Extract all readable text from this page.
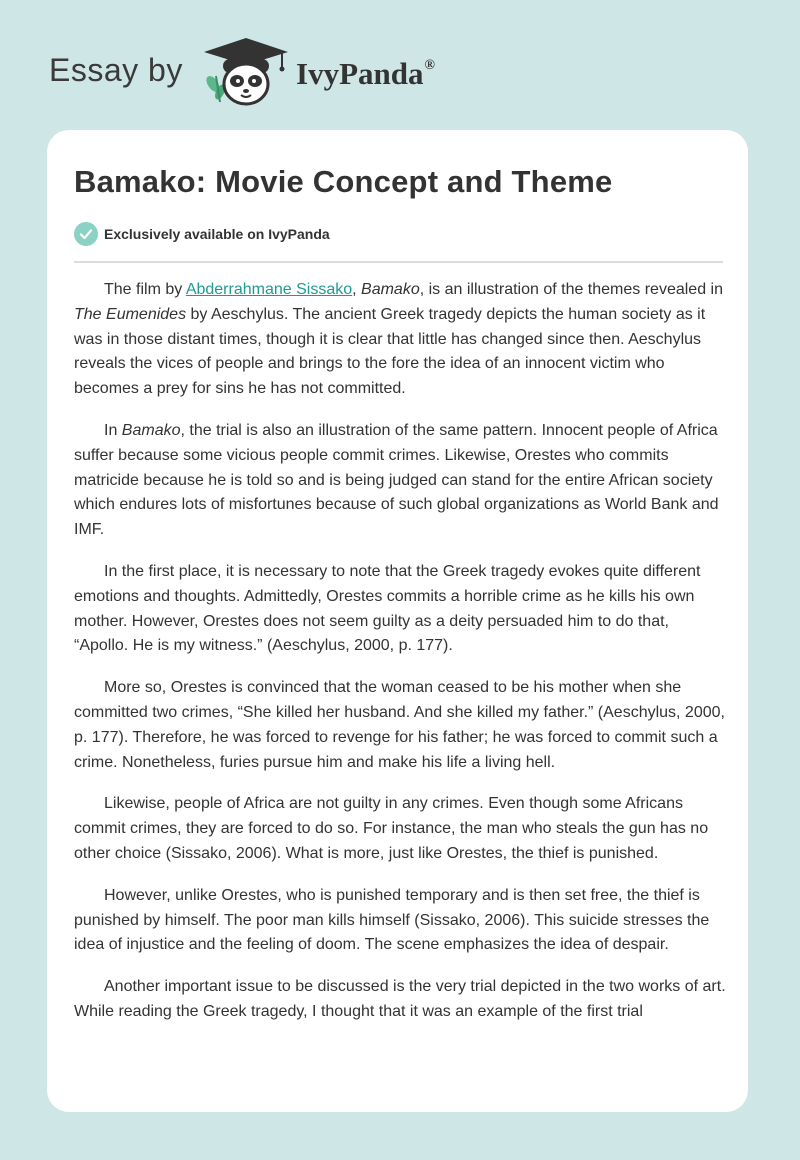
Essay by	IvyPanda®
Bamako: Movie Concept and Theme
Exclusively available on IvyPanda

The film by Abderrahmane Sissako, Bamako, is an illustration of the themes revealed in The Eumenides by Aeschylus. The ancient Greek tragedy depicts the human society as it was in those distant times, though it is clear that little has changed since then. Aeschylus reveals the vices of people and brings to the fore the idea of an innocent victim who becomes a prey for sins he has not committed.

In Bamako, the trial is also an illustration of the same pattern. Innocent people of Africa suffer because some vicious people commit crimes. Likewise, Orestes who commits matricide because he is told so and is being judged can stand for the entire African society which endures lots of misfortunes because of such global organizations as World Bank and IMF.

In the first place, it is necessary to note that the Greek tragedy evokes quite different emotions and thoughts. Admittedly, Orestes commits a horrible crime as he kills his own mother. However, Orestes does not seem guilty as a deity persuaded him to do that, “Apollo. He is my witness.” (Aeschylus, 2000, p. 177).

More so, Orestes is convinced that the woman ceased to be his mother when she committed two crimes, “She killed her husband. And she killed my father.” (Aeschylus, 2000, p. 177). Therefore, he was forced to revenge for his father; he was forced to commit such a crime. Nonetheless, furies pursue him and make his life a living hell.

Likewise, people of Africa are not guilty in any crimes. Even though some Africans commit crimes, they are forced to do so. For instance, the man who steals the gun has no other choice (Sissako, 2006). What is more, just like Orestes, the thief is punished.

However, unlike Orestes, who is punished temporary and is then set free, the thief is punished by himself. The poor man kills himself (Sissako, 2006). This suicide stresses the idea of injustice and the feeling of doom. The scene emphasizes the idea of despair.

Another important issue to be discussed is the very trial depicted in the two works of art. While reading the Greek tragedy, I thought that it was an example of the first trial
